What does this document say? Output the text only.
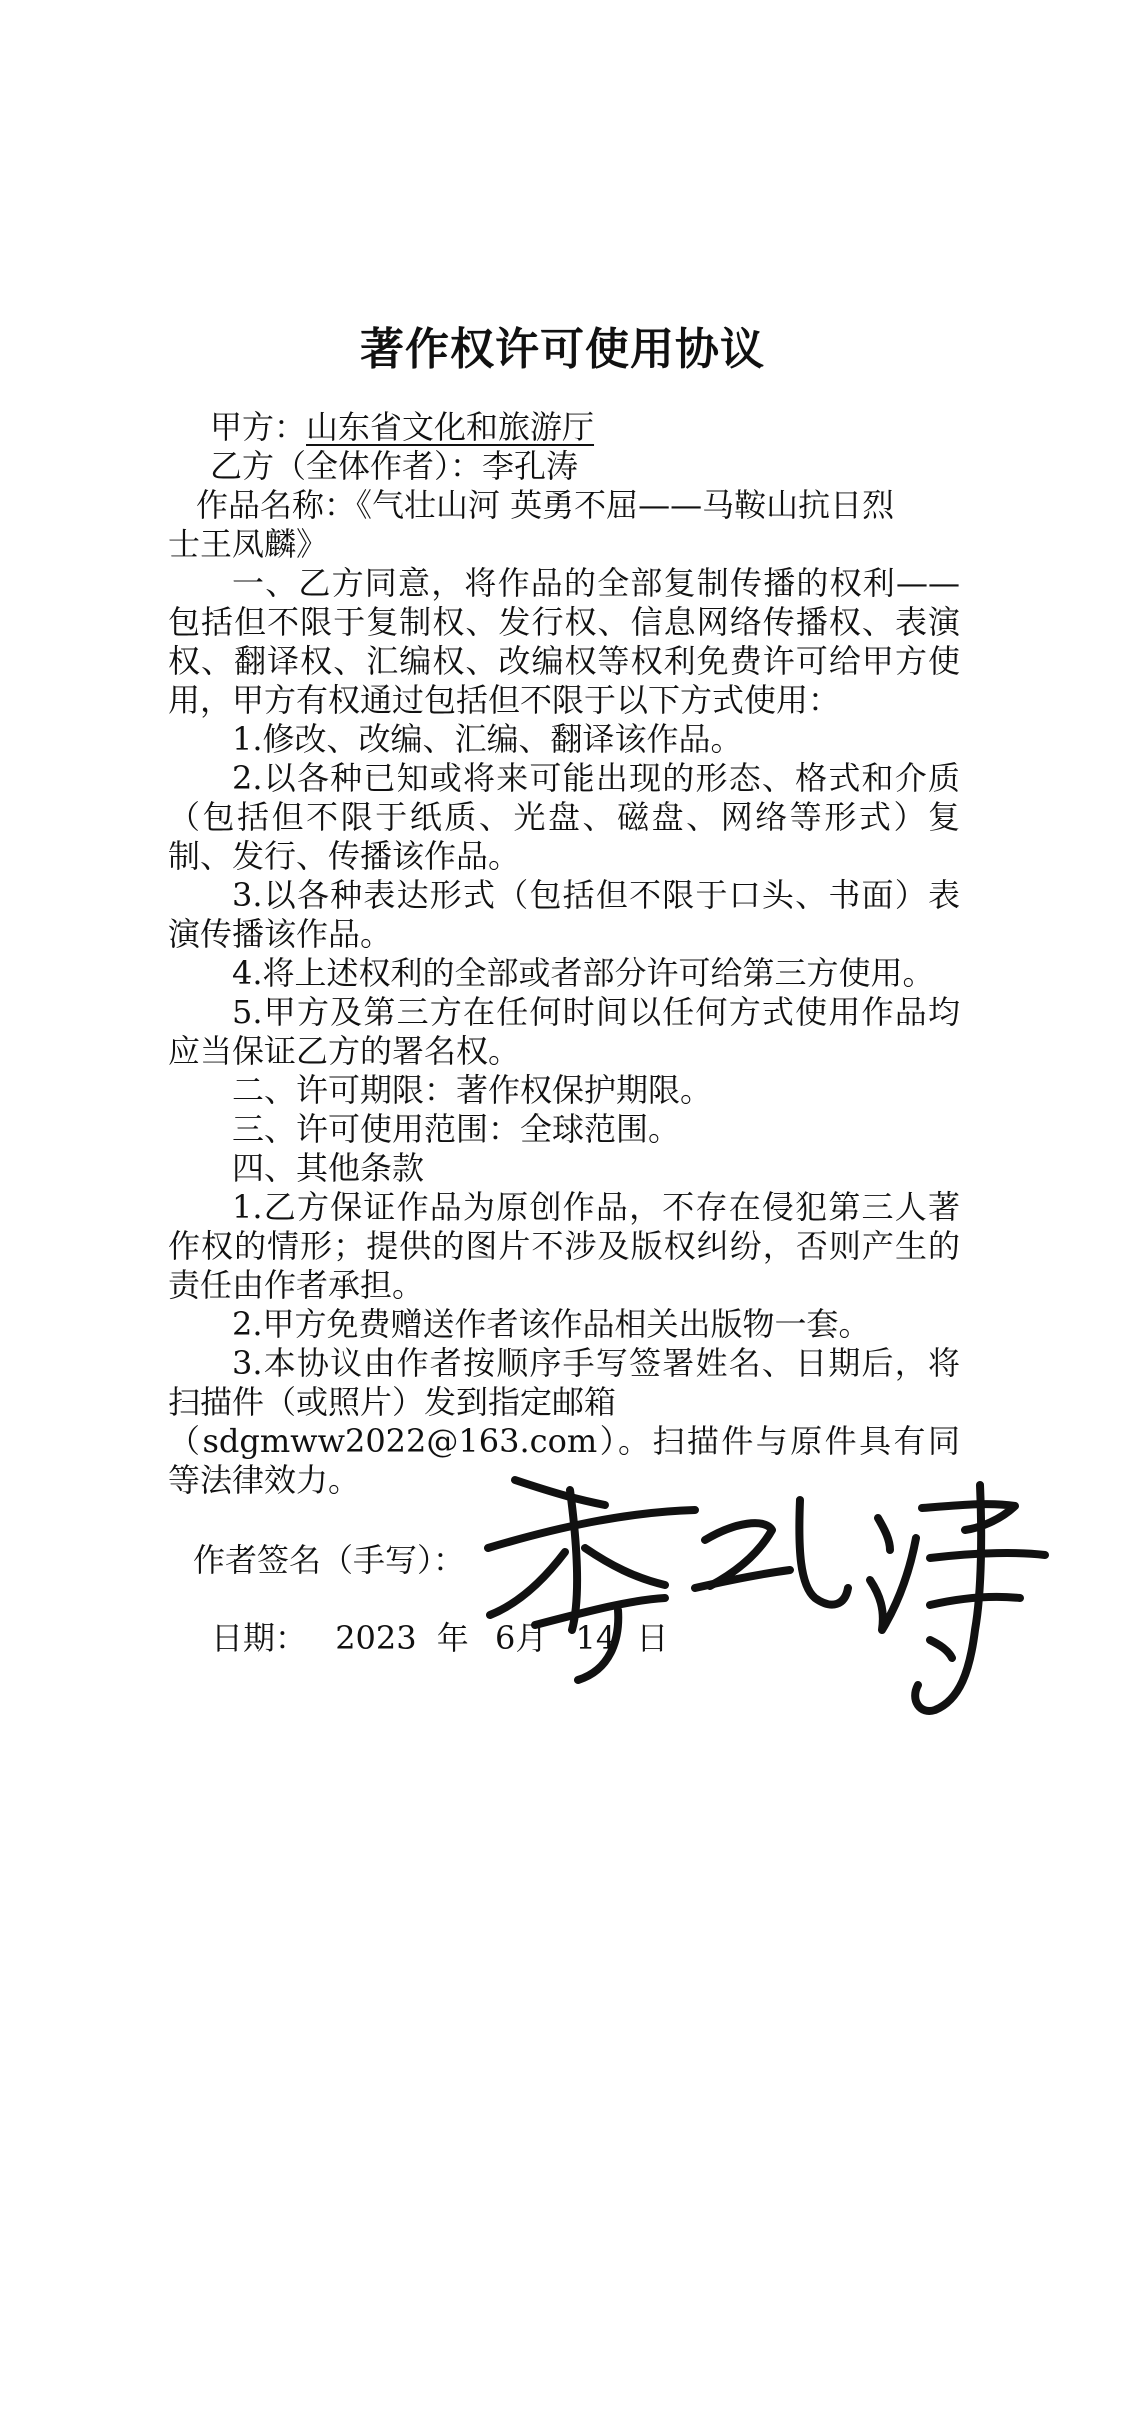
著作权许可使用协议
甲方：山东省文化和旅游厅
乙方（全体作者）：李孔涛
作品名称：《气壮山河 英勇不屈——马鞍山抗日烈
士王凤麟》
一、乙方同意，将作品的全部复制传播的权利——包括但不限于复制权、发行权、信息网络传播权、表演权、翻译权、汇编权、改编权等权利免费许可给甲方使用，甲方有权通过包括但不限于以下方式使用：
1.修改、改编、汇编、翻译该作品。
2.以各种已知或将来可能出现的形态、格式和介质（包括但不限于纸质、光盘、磁盘、网络等形式）复制、发行、传播该作品。
3.以各种表达形式（包括但不限于口头、书面）表演传播该作品。
4.将上述权利的全部或者部分许可给第三方使用。
5.甲方及第三方在任何时间以任何方式使用作品均应当保证乙方的署名权。
二、许可期限：著作权保护期限。
三、许可使用范围：全球范围。
四、其他条款
1.乙方保证作品为原创作品，不存在侵犯第三人著作权的情形；提供的图片不涉及版权纠纷，否则产生的责任由作者承担。
2.甲方免费赠送作者该作品相关出版物一套。
3.本协议由作者按顺序手写签署姓名、日期后，将扫描件（或照片）发到指定邮箱
（sdgmww2022@163.com）。扫描件与原件具有同等法律效力。
作者签名（手写）：
日期： 2023 年 6月 14 日
